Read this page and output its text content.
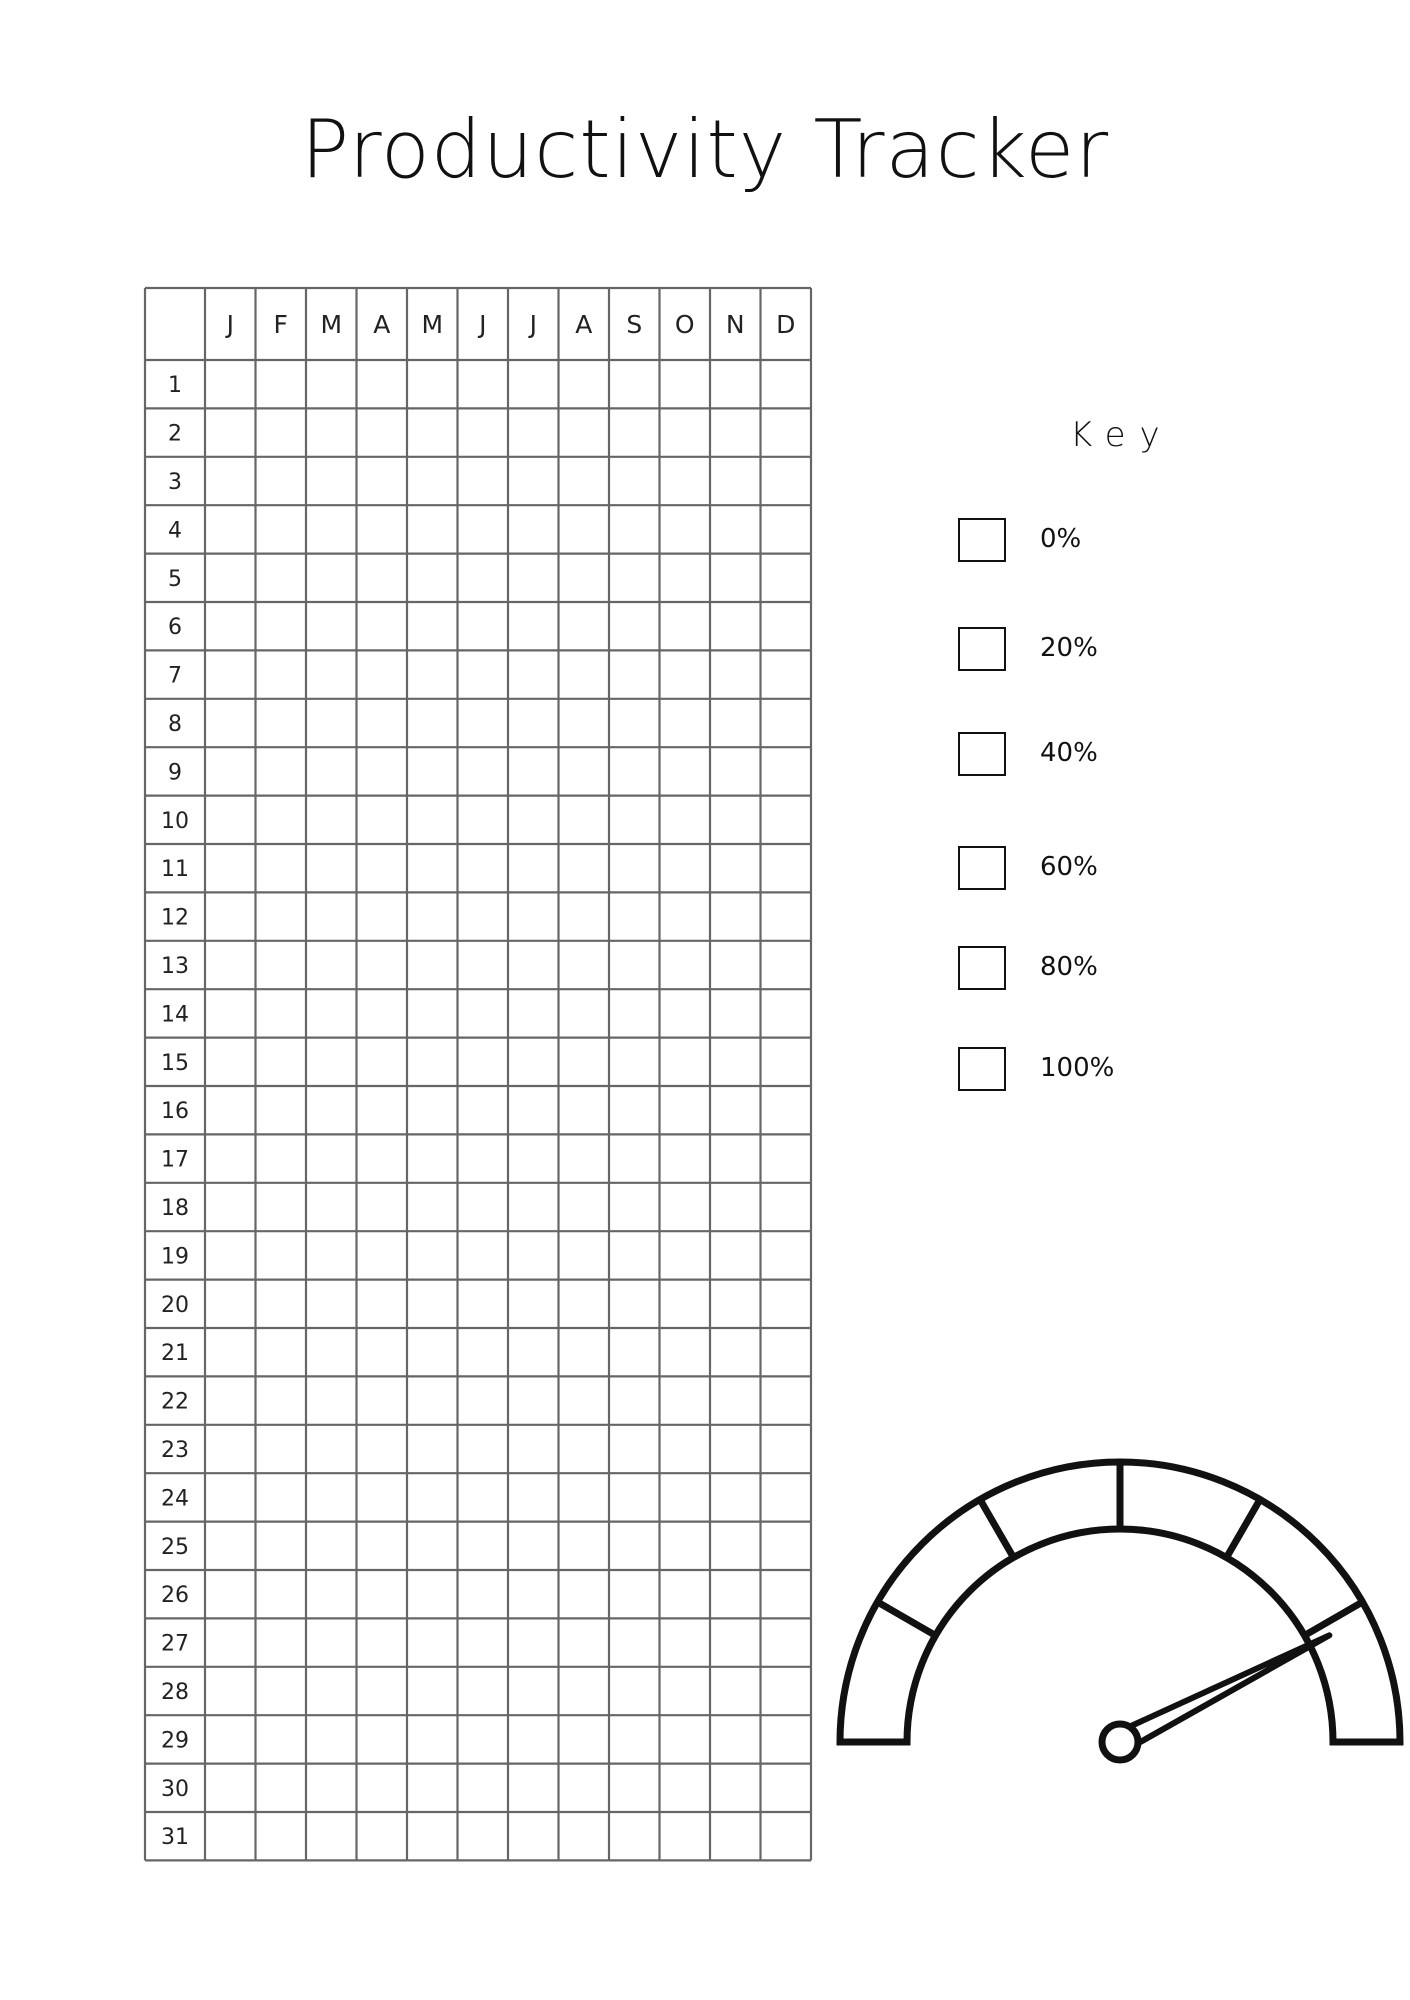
Productivity Tracker
J F M A M J J A S O N D
1
2
3
4
5
6
7
8
9
10
11
12
13
14
15
16
17
18
19
20
21
22
23
24
25
26
27
28
29
30
31
Key
0%
20%
40%
60%
80%
100%
